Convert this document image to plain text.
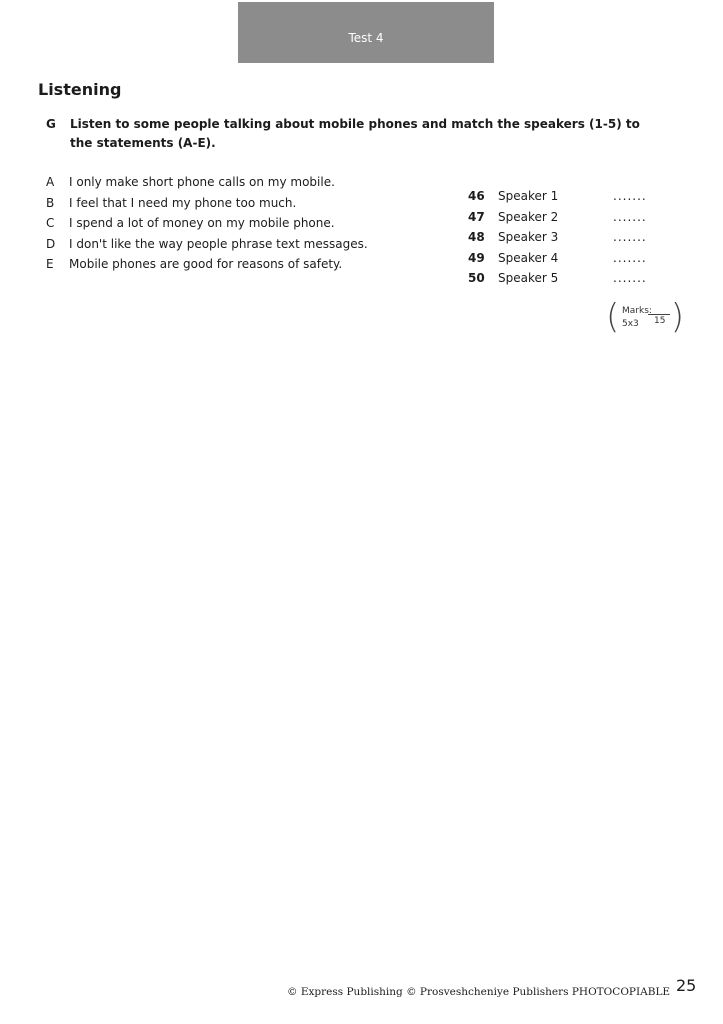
Test 4
Listening
G	Listen to some people talking about mobile phones and match the speakers (1-5) to the statements (A-E).
A	I only make short phone calls on my mobile.
B	I feel that I need my phone too much.
C	I spend a lot of money on my mobile phone.
D	I don't like the way people phrase text messages.
E	Mobile phones are good for reasons of safety.
46	Speaker 1	.......
47	Speaker 2	.......
48	Speaker 3	.......
49	Speaker 4	.......
50	Speaker 5	.......
( Marks:
5x3 15 )
© Express Publishing © Prosveshcheniye Publishers PHOTOCOPIABLE 25
